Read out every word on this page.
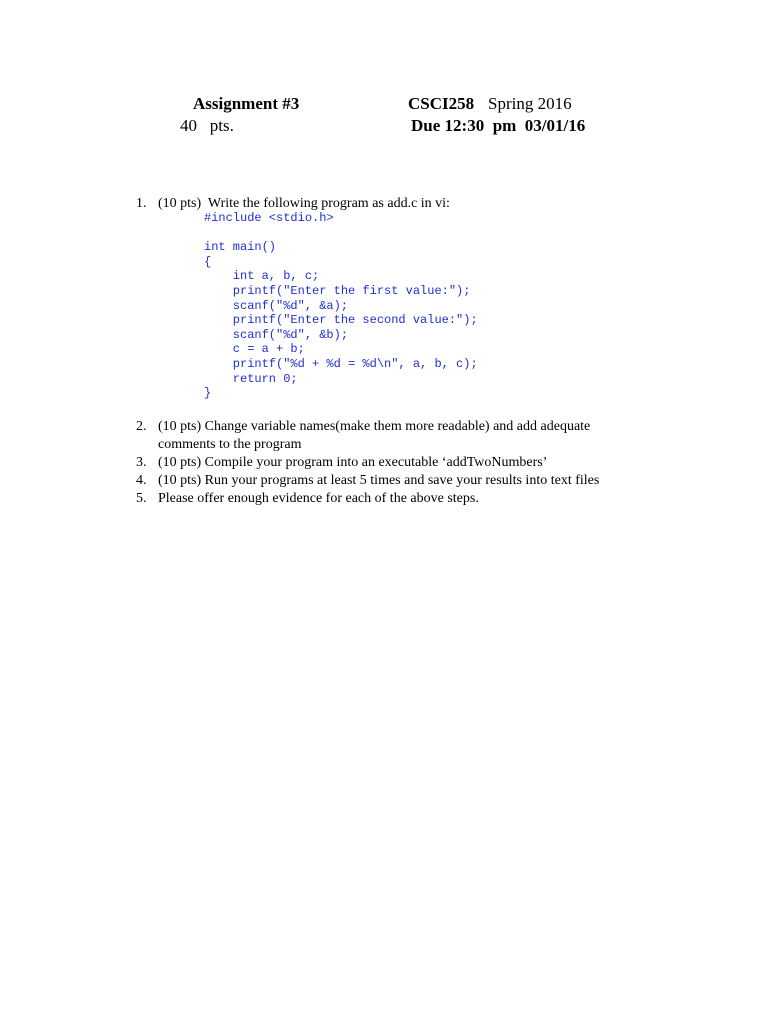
Assignment #3	CSCI258 Spring 2016
40   pts.	Due 12:30  pm  03/01/16
1. (10 pts)  Write the following program as add.c in vi:
#include <stdio.h>
int main()
{
int a, b, c;
printf("Enter the first value:");
scanf("%d", &a);
printf("Enter the second value:");
scanf("%d", &b);
c = a + b;
printf("%d + %d = %d\n", a, b, c);
return 0;
}
2. (10 pts) Change variable names(make them more readable) and add adequate
comments to the program
3. (10 pts) Compile your program into an executable ‘addTwoNumbers’
4. (10 pts) Run your programs at least 5 times and save your results into text files
5. Please offer enough evidence for each of the above steps.
